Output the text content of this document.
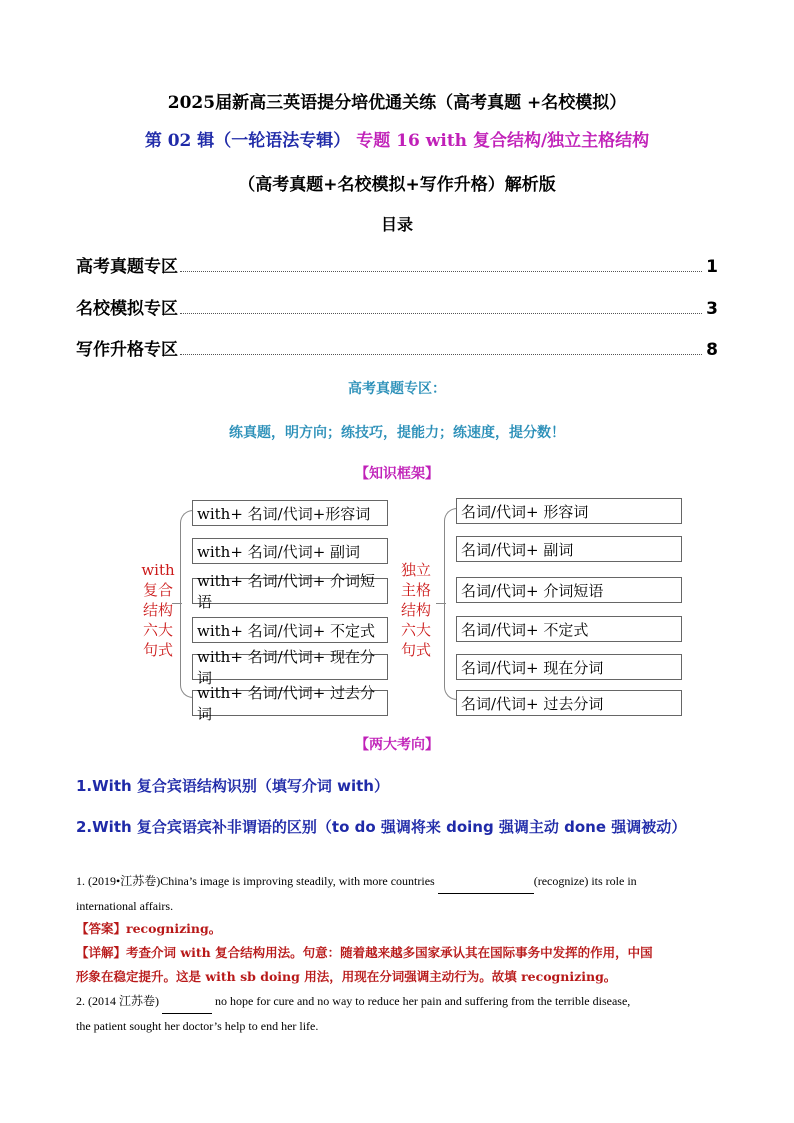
2025届新高三英语提分培优通关练（高考真题 +名校模拟）
第 02 辑（一轮语法专辑） 专题 16 with 复合结构/独立主格结构
（高考真题+名校模拟+写作升格）解析版
目录
高考真题专区	1
名校模拟专区	3
写作升格专区	8
高考真题专区：
练真题，明方向；练技巧，提能力；练速度，提分数！
【知识框架】
with
复合
结构
六大
句式
with+ 名词/代词+形容词
with+ 名词/代词+ 副词
with+ 名词/代词+ 介词短语
with+ 名词/代词+ 不定式
with+ 名词/代词+ 现在分词
with+ 名词/代词+ 过去分词
独立
主格
结构
六大
句式
名词/代词+ 形容词
名词/代词+ 副词
名词/代词+ 介词短语
名词/代词+ 不定式
名词/代词+ 现在分词
名词/代词+ 过去分词
【两大考向】
1.With 复合宾语结构识别（填写介词 with）
2.With 复合宾语宾补非谓语的区别（to do 强调将来 doing 强调主动 done 强调被动）
1. (2019•江苏卷)China’s image is improving steadily, with more countries	(recognize) its role in
international affairs.
【答案】recognizing。
【详解】考查介词 with 复合结构用法。句意：随着越来越多国家承认其在国际事务中发挥的作用，中国
形象在稳定提升。这是 with sb doing 用法，用现在分词强调主动行为。故填 recognizing。
2. (2014 江苏卷)	no hope for cure and no way to reduce her pain and suffering from the terrible disease,
the patient sought her doctor’s help to end her life.
